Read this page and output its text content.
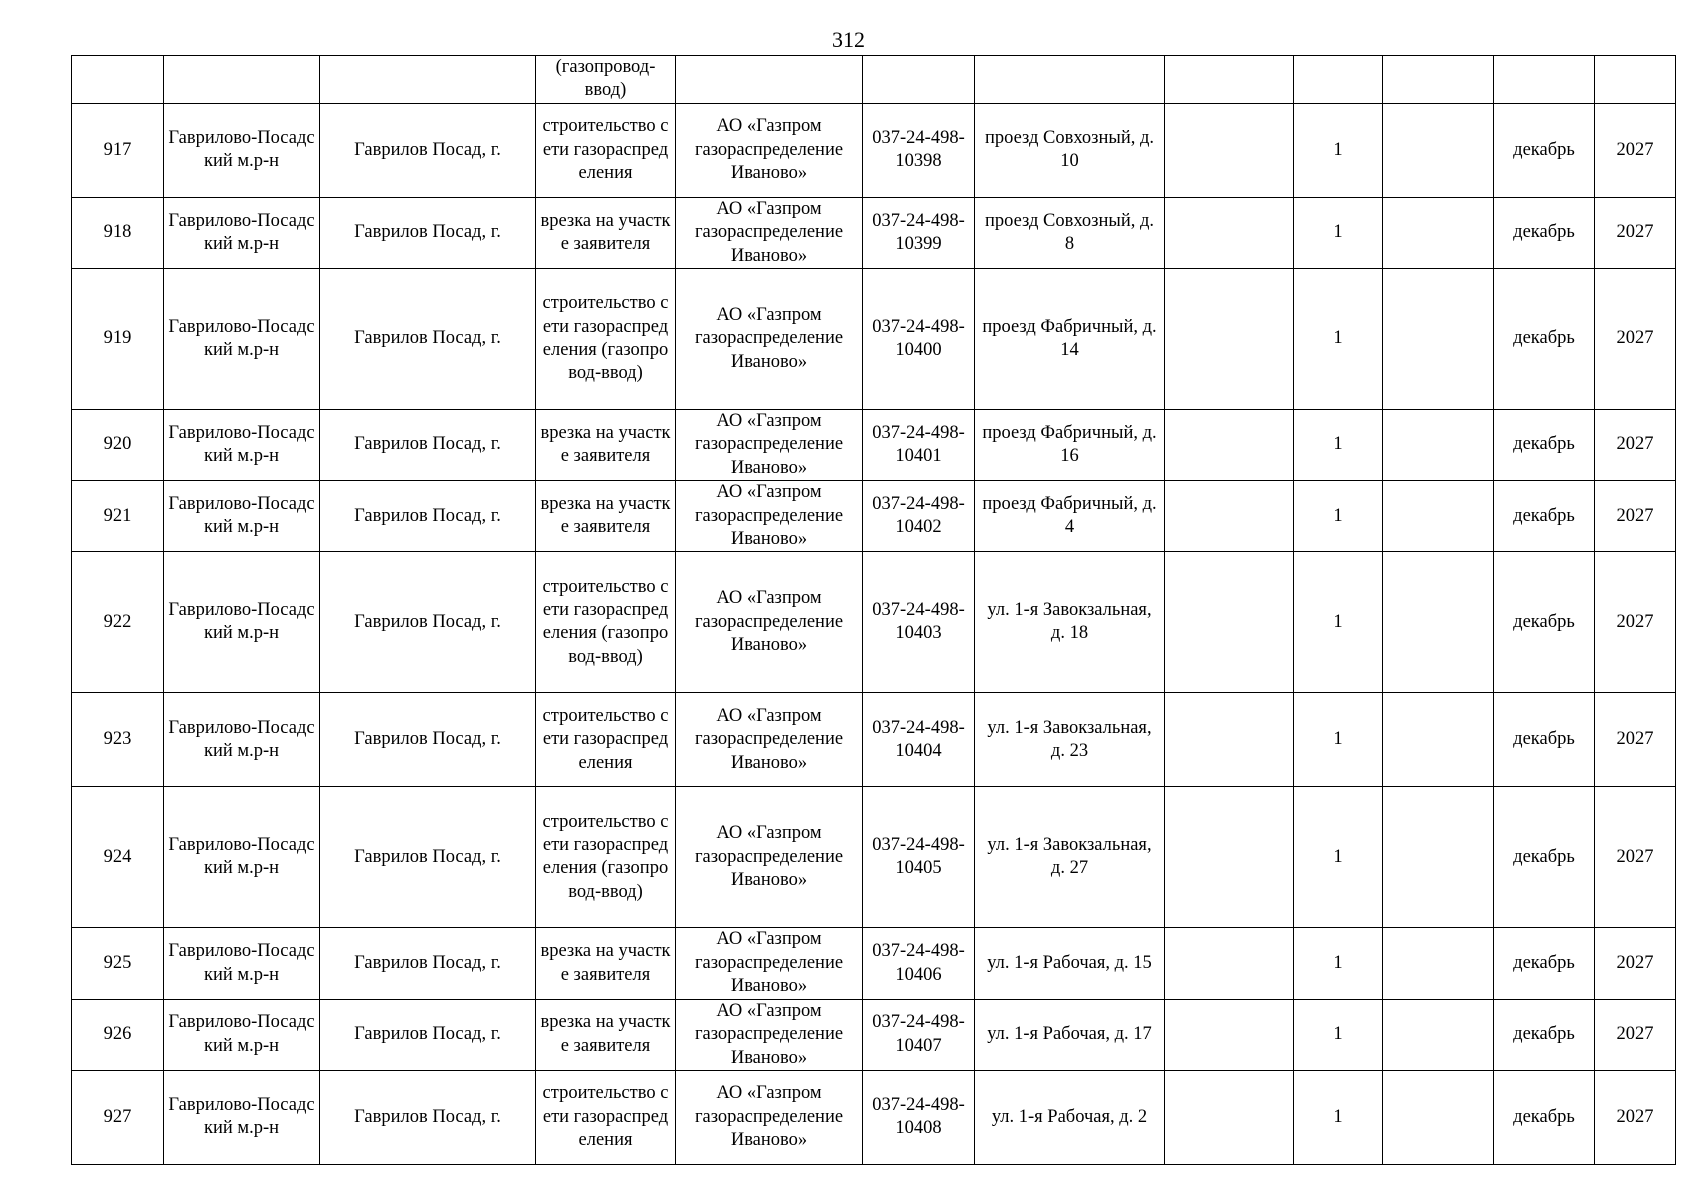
312
			(газопровод-ввод)								
917	Гаврилово-Посадский м.р-н	Гаврилов Посад, г.	строительство сети газораспределения	АО «Газпром газораспределение Иваново»	037-24-498-10398	проезд Совхозный, д. 10		1		декабрь	2027
918	Гаврилово-Посадский м.р-н	Гаврилов Посад, г.	врезка на участке заявителя	АО «Газпром газораспределение Иваново»	037-24-498-10399	проезд Совхозный, д. 8		1		декабрь	2027
919	Гаврилово-Посадский м.р-н	Гаврилов Посад, г.	строительство сети газораспределения (газопровод-ввод)	АО «Газпром газораспределение Иваново»	037-24-498-10400	проезд Фабричный, д. 14		1		декабрь	2027
920	Гаврилово-Посадский м.р-н	Гаврилов Посад, г.	врезка на участке заявителя	АО «Газпром газораспределение Иваново»	037-24-498-10401	проезд Фабричный, д. 16		1		декабрь	2027
921	Гаврилово-Посадский м.р-н	Гаврилов Посад, г.	врезка на участке заявителя	АО «Газпром газораспределение Иваново»	037-24-498-10402	проезд Фабричный, д. 4		1		декабрь	2027
922	Гаврилово-Посадский м.р-н	Гаврилов Посад, г.	строительство сети газораспределения (газопровод-ввод)	АО «Газпром газораспределение Иваново»	037-24-498-10403	ул. 1-я Завокзальная, д. 18		1		декабрь	2027
923	Гаврилово-Посадский м.р-н	Гаврилов Посад, г.	строительство сети газораспределения	АО «Газпром газораспределение Иваново»	037-24-498-10404	ул. 1-я Завокзальная, д. 23		1		декабрь	2027
924	Гаврилово-Посадский м.р-н	Гаврилов Посад, г.	строительство сети газораспределения (газопровод-ввод)	АО «Газпром газораспределение Иваново»	037-24-498-10405	ул. 1-я Завокзальная, д. 27		1		декабрь	2027
925	Гаврилово-Посадский м.р-н	Гаврилов Посад, г.	врезка на участке заявителя	АО «Газпром газораспределение Иваново»	037-24-498-10406	ул. 1-я Рабочая, д. 15		1		декабрь	2027
926	Гаврилово-Посадский м.р-н	Гаврилов Посад, г.	врезка на участке заявителя	АО «Газпром газораспределение Иваново»	037-24-498-10407	ул. 1-я Рабочая, д. 17		1		декабрь	2027
927	Гаврилово-Посадский м.р-н	Гаврилов Посад, г.	строительство сети газораспределения	АО «Газпром газораспределение Иваново»	037-24-498-10408	ул. 1-я Рабочая, д. 2		1		декабрь	2027
